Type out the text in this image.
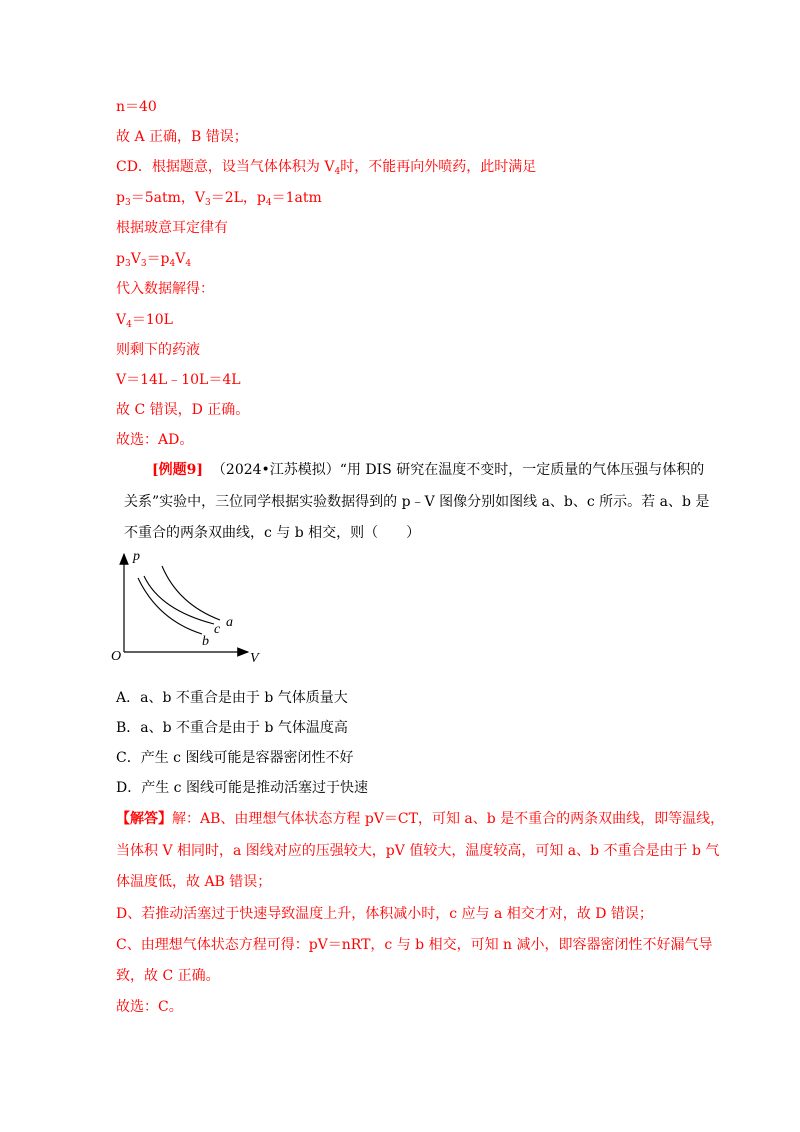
n＝40
故 A 正确，B 错误；
CD．根据题意，设当气体体积为 $V_4$时，不能再向外喷药，此时满足
$p_3=5atm$，$V_3=2L$，$p_4=1atm$
根据玻意耳定律有
$p_3V_3=p_4V_4$
代入数据解得：
$V_4=10L$
则剩下的药液
V＝14L﹣10L＝4L
故 C 错误，D 正确。
故选：AD。
[例题9] （2024•江苏模拟）“用 DIS 研究在温度不变时，一定质量的气体压强与体积的
关系”实验中，三位同学根据实验数据得到的 p﹣V 图像分别如图线 a、b、c 所示。若 a、b 是
不重合的两条双曲线，c 与 b 相交，则（　　）
p
V
O
a
b
c
A．a、b 不重合是由于 b 气体质量大
B．a、b 不重合是由于 b 气体温度高
C．产生 c 图线可能是容器密闭性不好
D．产生 c 图线可能是推动活塞过于快速
【解答】解：AB、由理想气体状态方程 pV＝CT，可知 a、b 是不重合的两条双曲线，即等温线，
当体积 V 相同时，a 图线对应的压强较大，pV 值较大，温度较高，可知 a、b 不重合是由于 b 气
体温度低，故 AB 错误；
D、若推动活塞过于快速导致温度上升，体积减小时，c 应与 a 相交才对，故 D 错误；
C、由理想气体状态方程可得：pV＝nRT，c 与 b 相交，可知 n 减小，即容器密闭性不好漏气导
致，故 C 正确。
故选：C。
